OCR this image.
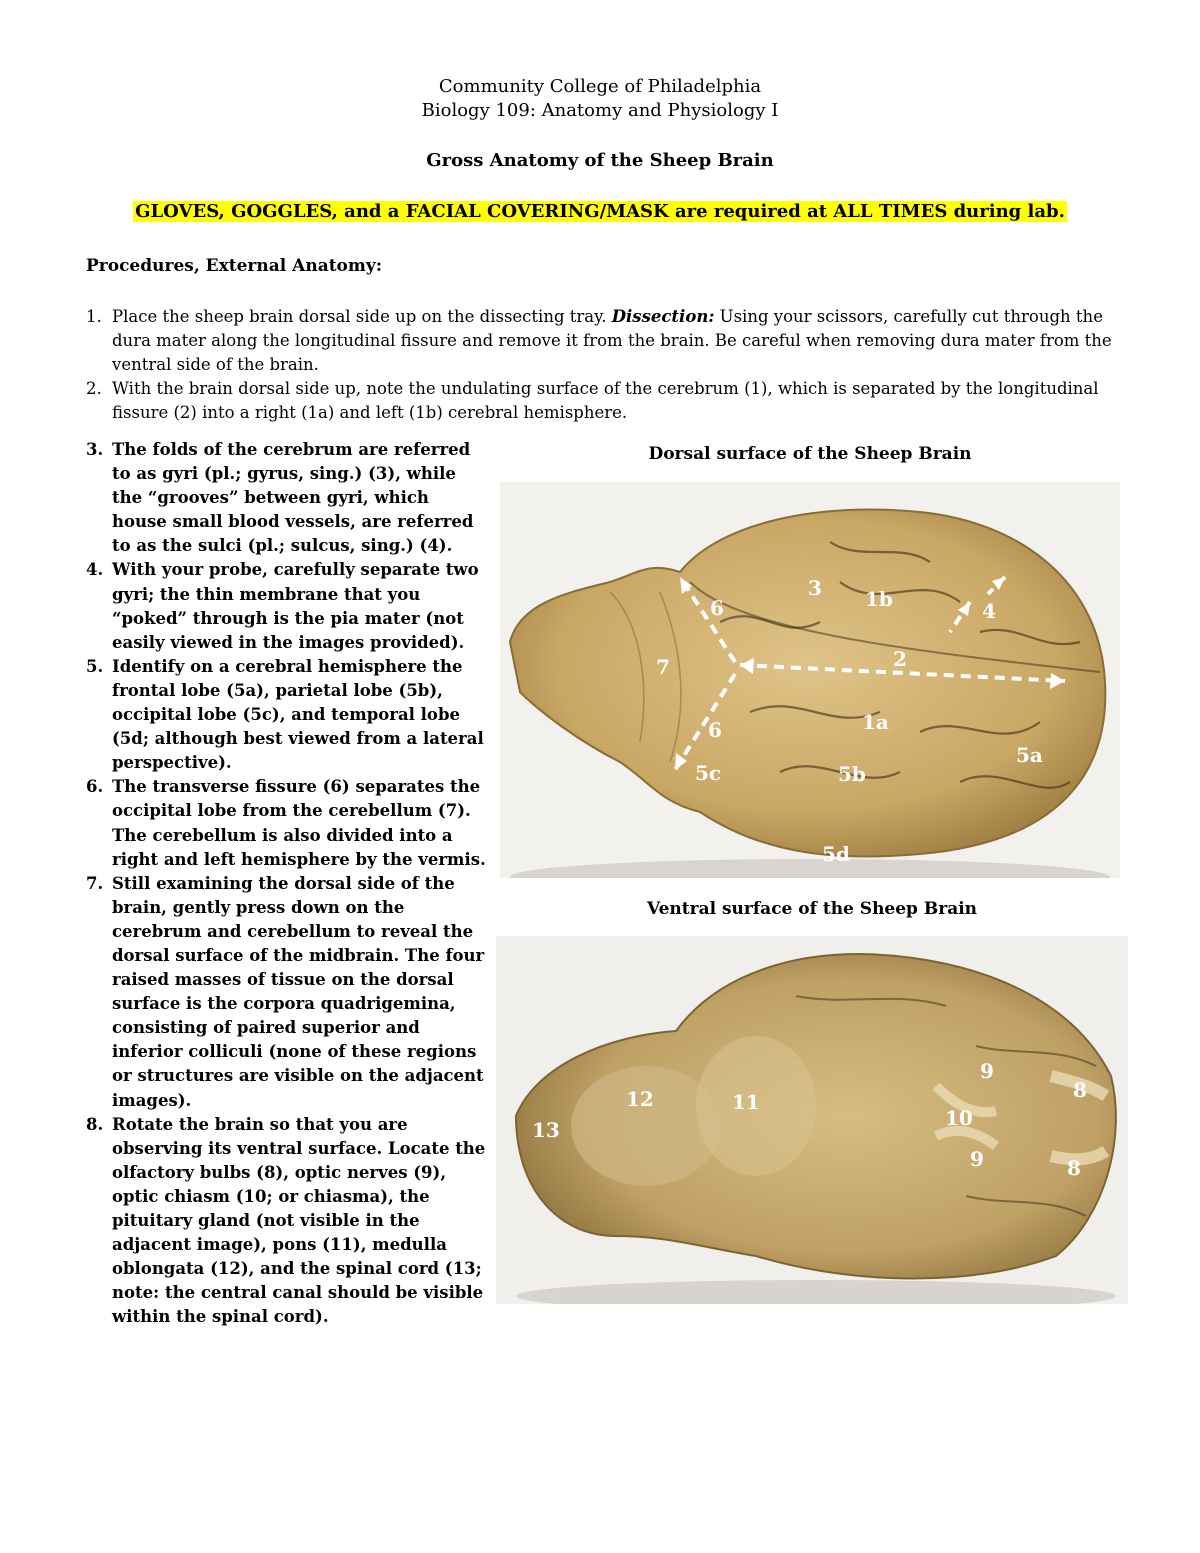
Community College of Philadelphia
Biology 109: Anatomy and Physiology I
Gross Anatomy of the Sheep Brain
GLOVES, GOGGLES, and a FACIAL COVERING/MASK are required at ALL TIMES during lab.
Procedures, External Anatomy:
1. Place the sheep brain dorsal side up on the dissecting tray. Dissection: Using your scissors, carefully cut through the dura mater along the longitudinal fissure and remove it from the brain. Be careful when removing dura mater from the ventral side of the brain.
2. With the brain dorsal side up, note the undulating surface of the cerebrum (1), which is separated by the longitudinal fissure (2) into a right (1a) and left (1b) cerebral hemisphere.
3. The folds of the cerebrum are referred to as gyri (pl.; gyrus, sing.) (3), while the “grooves” between gyri, which house small blood vessels, are referred to as the sulci (pl.; sulcus, sing.) (4).
4. With your probe, carefully separate two gyri; the thin membrane that you “poked” through is the pia mater (not easily viewed in the images provided).
5. Identify on a cerebral hemisphere the frontal lobe (5a), parietal lobe (5b), occipital lobe (5c), and temporal lobe (5d; although best viewed from a lateral perspective).
6. The transverse fissure (6) separates the occipital lobe from the cerebellum (7). The cerebellum is also divided into a right and left hemisphere by the vermis.
7. Still examining the dorsal side of the brain, gently press down on the cerebrum and cerebellum to reveal the dorsal surface of the midbrain. The four raised masses of tissue on the dorsal surface is the corpora quadrigemina, consisting of paired superior and inferior colliculi (none of these regions or structures are visible on the adjacent images).
8. Rotate the brain so that you are observing its ventral surface. Locate the olfactory bulbs (8), optic nerves (9), optic chiasm (10; or chiasma), the pituitary gland (not visible in the adjacent image), pons (11), medulla oblongata (12), and the spinal cord (13; note: the central canal should be visible within the spinal cord).
Dorsal surface of the Sheep Brain
3 1b	4
6
7	2
1a
6
5a
5c	5b
5d
Ventral surface of the Sheep Brain
9
8
12	11
10
13
9	8
